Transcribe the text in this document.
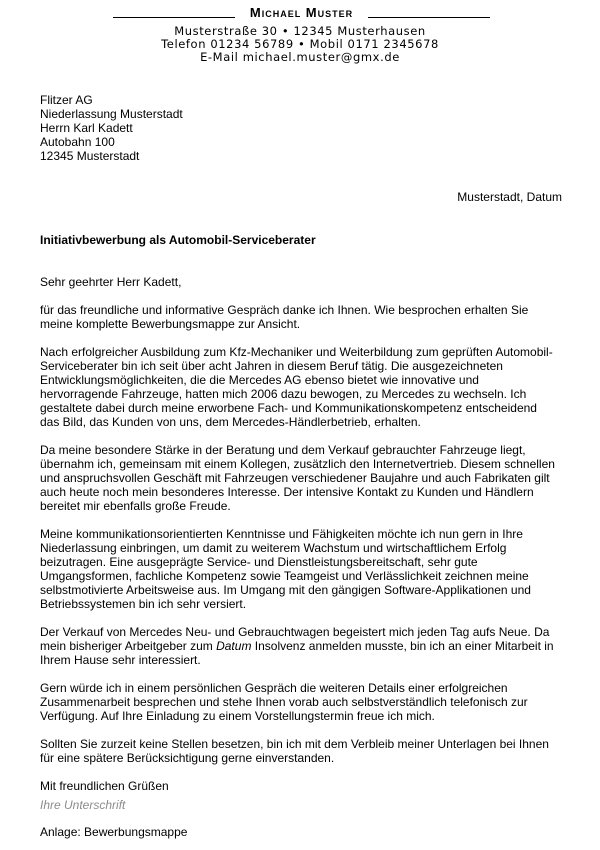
Michael Muster
Musterstraße 30 • 12345 Musterhausen
Telefon 01234 56789 • Mobil 0171 2345678
E-Mail michael.muster@gmx.de
Flitzer AG
Niederlassung Musterstadt
Herrn Karl Kadett
Autobahn 100
12345 Musterstadt
Musterstadt, Datum
Initiativbewerbung als Automobil-Serviceberater

Sehr geehrter Herr Kadett,

für das freundliche und informative Gespräch danke ich Ihnen. Wie besprochen erhalten Sie
meine komplette Bewerbungsmappe zur Ansicht.

Nach erfolgreicher Ausbildung zum Kfz-Mechaniker und Weiterbildung zum geprüften Automobil-
Serviceberater bin ich seit über acht Jahren in diesem Beruf tätig. Die ausgezeichneten
Entwicklungsmöglichkeiten, die die Mercedes AG ebenso bietet wie innovative und
hervorragende Fahrzeuge, hatten mich 2006 dazu bewogen, zu Mercedes zu wechseln. Ich
gestaltete dabei durch meine erworbene Fach- und Kommunikationskompetenz entscheidend
das Bild, das Kunden von uns, dem Mercedes-Händlerbetrieb, erhalten.

Da meine besondere Stärke in der Beratung und dem Verkauf gebrauchter Fahrzeuge liegt,
übernahm ich, gemeinsam mit einem Kollegen, zusätzlich den Internetvertrieb. Diesem schnellen
und anspruchsvollen Geschäft mit Fahrzeugen verschiedener Baujahre und auch Fabrikaten gilt
auch heute noch mein besonderes Interesse. Der intensive Kontakt zu Kunden und Händlern
bereitet mir ebenfalls große Freude.

Meine kommunikationsorientierten Kenntnisse und Fähigkeiten möchte ich nun gern in Ihre
Niederlassung einbringen, um damit zu weiterem Wachstum und wirtschaftlichem Erfolg
beizutragen. Eine ausgeprägte Service- und Dienstleistungsbereitschaft, sehr gute
Umgangsformen, fachliche Kompetenz sowie Teamgeist und Verlässlichkeit zeichnen meine
selbstmotivierte Arbeitsweise aus. Im Umgang mit den gängigen Software-Applikationen und
Betriebssystemen bin ich sehr versiert.

Der Verkauf von Mercedes Neu- und Gebrauchtwagen begeistert mich jeden Tag aufs Neue. Da
mein bisheriger Arbeitgeber zum Datum Insolvenz anmelden musste, bin ich an einer Mitarbeit in
Ihrem Hause sehr interessiert.

Gern würde ich in einem persönlichen Gespräch die weiteren Details einer erfolgreichen
Zusammenarbeit besprechen und stehe Ihnen vorab auch selbstverständlich telefonisch zur
Verfügung. Auf Ihre Einladung zu einem Vorstellungstermin freue ich mich.

Sollten Sie zurzeit keine Stellen besetzen, bin ich mit dem Verbleib meiner Unterlagen bei Ihnen
für eine spätere Berücksichtigung gerne einverstanden.

Mit freundlichen Grüßen

Ihre Unterschrift
Anlage: Bewerbungsmappe
